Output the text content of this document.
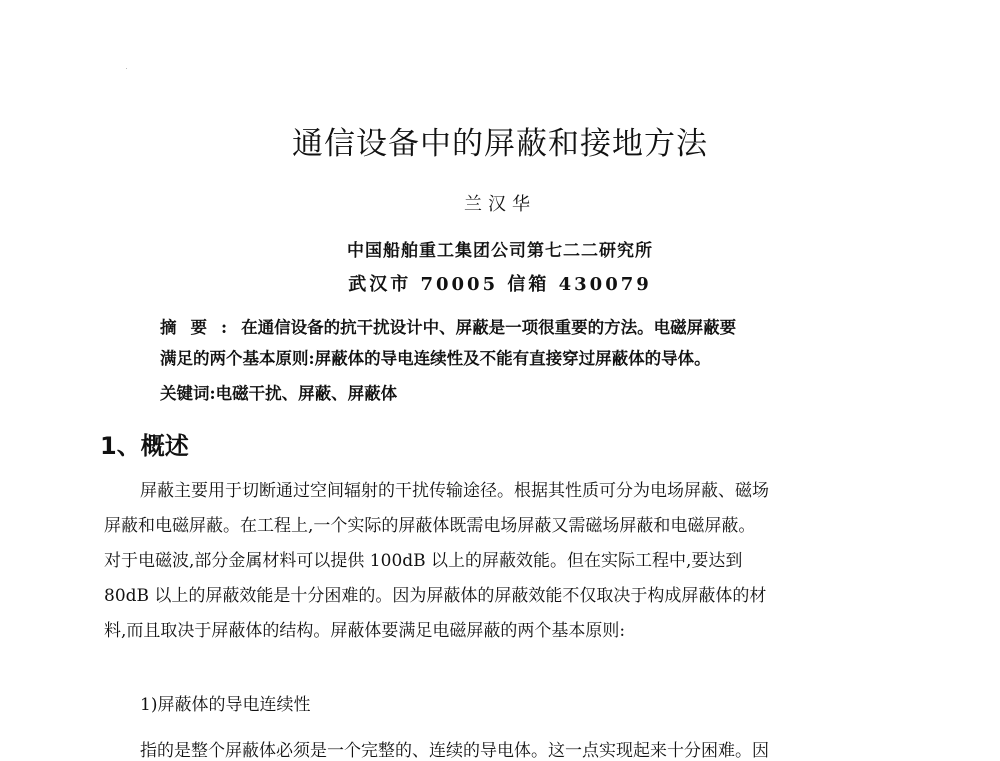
通信设备中的屏蔽和接地方法
兰汉华
中国船舶重工集团公司第七二二研究所
武汉市 70005 信箱 430079
摘要:在通信设备的抗干扰设计中、屏蔽是一项很重要的方法。电磁屏蔽要
满足的两个基本原则:屏蔽体的导电连续性及不能有直接穿过屏蔽体的导体。
关键词:电磁干扰、屏蔽、屏蔽体
1、概述
屏蔽主要用于切断通过空间辐射的干扰传输途径。根据其性质可分为电场屏蔽、磁场
屏蔽和电磁屏蔽。在工程上,一个实际的屏蔽体既需电场屏蔽又需磁场屏蔽和电磁屏蔽。
对于电磁波,部分金属材料可以提供 100dB 以上的屏蔽效能。但在实际工程中,要达到
80dB 以上的屏蔽效能是十分困难的。因为屏蔽体的屏蔽效能不仅取决于构成屏蔽体的材
料,而且取决于屏蔽体的结构。屏蔽体要满足电磁屏蔽的两个基本原则:
1)屏蔽体的导电连续性
指的是整个屏蔽体必须是一个完整的、连续的导电体。这一点实现起来十分困难。因
